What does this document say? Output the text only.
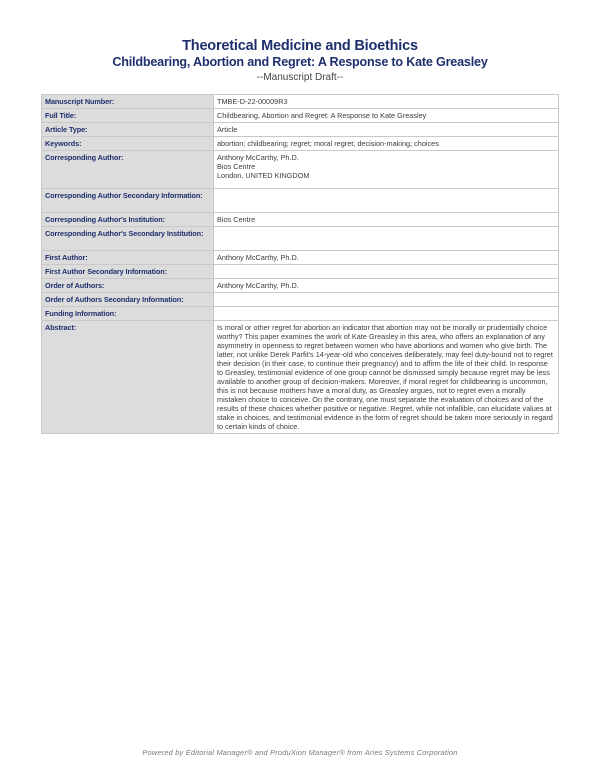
Theoretical Medicine and Bioethics
Childbearing, Abortion and Regret: A Response to Kate Greasley
--Manuscript Draft--
Manuscript Number:	TMBE-D-22-00009R3
Full Title:	Childbearing, Abortion and Regret: A Response to Kate Greasley
Article Type:	Article
Keywords:	abortion; childbearing; regret; moral regret; decision-making; choices
Corresponding Author:	Anthony McCarthy, Ph.D.
Bios Centre
London, UNITED KINGDOM

Corresponding Author Secondary Information:	
Corresponding Author's Institution:	Bios Centre
Corresponding Author's Secondary Institution:	
First Author:	Anthony McCarthy, Ph.D.
First Author Secondary Information:	
Order of Authors:	Anthony McCarthy, Ph.D.
Order of Authors Secondary Information:	
Funding Information:	
Abstract:	Is moral or other regret for abortion an indicator that abortion may not be morally or prudentially choice worthy? This paper examines the work of Kate Greasley in this area, who offers an explanation of any asymmetry in openness to regret between women who have abortions and women who give birth. The latter, not unlike Derek Parfit's 14-year-old who conceives deliberately, may feel duty-bound not to regret their decision (in their case, to continue their pregnancy) and to affirm the life of their child. In response to Greasley, testimonial evidence of one group cannot be dismissed simply because regret may be less available to another group of decision-makers. Moreover, if moral regret for childbearing is uncommon, this is not because mothers have a moral duty, as Greasley argues, not to regret even a morally mistaken choice to conceive. On the contrary, one must separate the evaluation of choices and of the results of these choices whether positive or negative. Regret, while not infallible, can elucidate values at stake in choices, and testimonial evidence in the form of regret should be taken more seriously in regard to certain kinds of choice.
Powered by Editorial Manager® and ProduXion Manager® from Aries Systems Corporation
